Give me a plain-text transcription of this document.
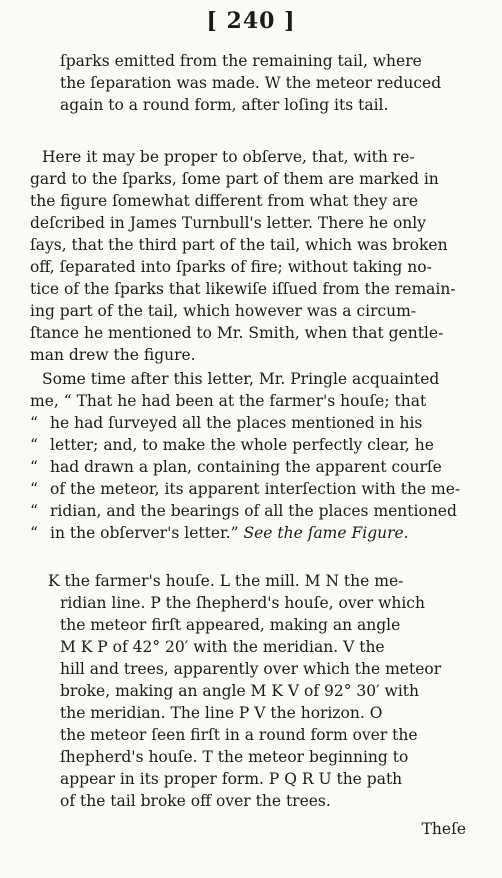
[ 240 ]
ſparks emitted from the remaining tail, where
the ſeparation was made. W the meteor reduced
again to a round form, after loſing its tail.
Here it may be proper to obſerve, that, with re-
gard to the ſparks, ſome part of them are marked in
the figure ſomewhat different from what they are
deſcribed in James Turnbull's letter. There he only
ſays, that the third part of the tail, which was broken
off, ſeparated into ſparks of fire; without taking no-
tice of the ſparks that likewiſe iſſued from the remain-
ing part of the tail, which however was a circum-
ſtance he mentioned to Mr. Smith, when that gentle-
man drew the figure.
Some time after this letter, Mr. Pringle acquainted
me, “ That he had been at the farmer's houſe; that
“ he had ſurveyed all the places mentioned in his
“ letter; and, to make the whole perfectly clear, he
“ had drawn a plan, containing the apparent courſe
“ of the meteor, its apparent interſection with the me-
“ ridian, and the bearings of all the places mentioned
“ in the obſerver's letter.” See the ſame Figure.
K the farmer's houſe. L the mill. M N the me-
ridian line. P the ſhepherd's houſe, over which
the meteor firſt appeared, making an angle
M K P of 42° 20′ with the meridian. V the
hill and trees, apparently over which the meteor
broke, making an angle M K V of 92° 30′ with
the meridian. The line P V the horizon. O
the meteor ſeen firſt in a round form over the
ſhepherd's houſe. T the meteor beginning to
appear in its proper form. P Q R U the path
of the tail broke off over the trees.
Theſe
